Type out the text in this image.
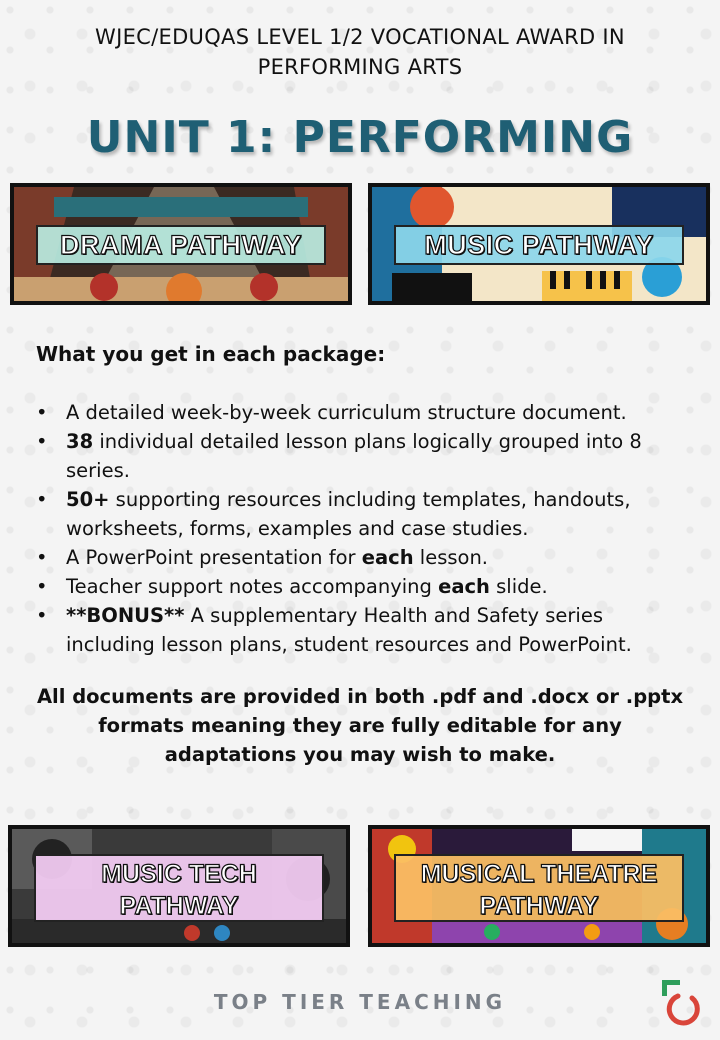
WJEC/EDUQAS LEVEL 1/2 VOCATIONAL AWARD IN
PERFORMING ARTS
UNIT 1: PERFORMING
DRAMA PATHWAY	MUSIC PATHWAY
What you get in each package:
• A detailed week-by-week curriculum structure document.
• 38 individual detailed lesson plans logically grouped into 8 series.
• 50+ supporting resources including templates, handouts, worksheets, forms, examples and case studies.
• A PowerPoint presentation for each lesson.
• Teacher support notes accompanying each slide.
• **BONUS** A supplementary Health and Safety series including lesson plans, student resources and PowerPoint.
All documents are provided in both .pdf and .docx or .pptx formats meaning they are fully editable for any adaptations you may wish to make.
MUSIC TECH
PATHWAY
MUSICAL THEATRE
PATHWAY
TOP TIER TEACHING
